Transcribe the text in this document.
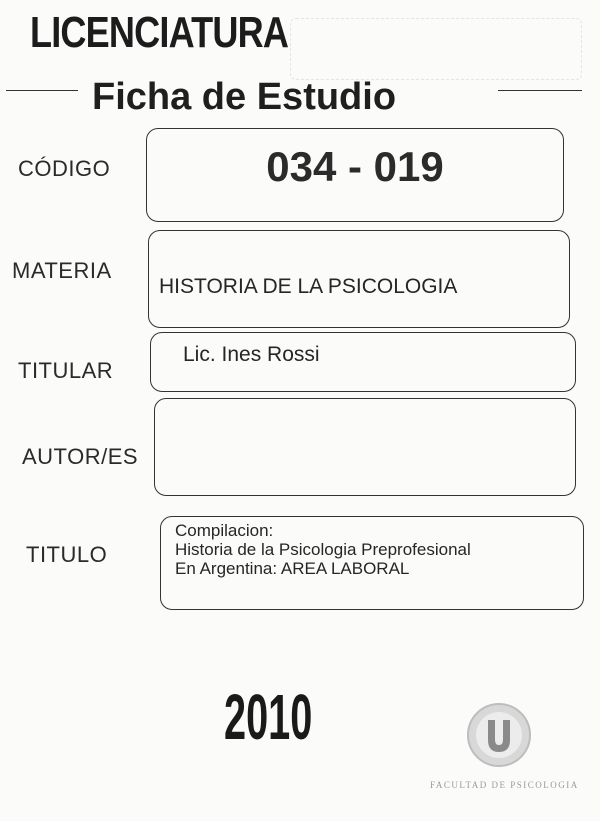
LICENCIATURA
Ficha de Estudio
CÓDIGO	034 - 019
MATERIA
HISTORIA DE LA PSICOLOGIA
TITULAR
Lic. Ines Rossi
AUTOR/ES
TITULO
Compilacion:
Historia de la Psicologia Preprofesional
En Argentina: AREA LABORAL
2010
FACULTAD DE PSICOLOGIA
